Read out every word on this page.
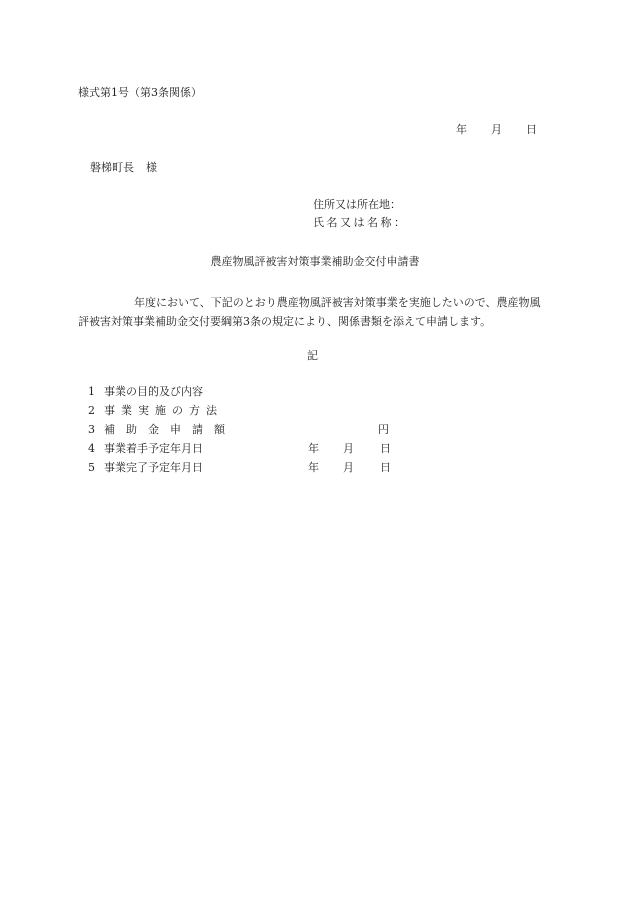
様式第1号（第3条関係）
年 月 日
磐梯町長 様
住所又は所在地：
氏名又は名称：
農産物風評被害対策事業補助金交付申請書
年度において、下記のとおり農産物風評被害対策事業を実施したいので、農産物風評被害対策事業補助金交付要綱第3条の規定により、関係書類を添えて申請します。
記
1 事業の目的及び内容
2 事業実施の方法
3 補助金申請額	円
4 事業着手予定年月日	年 月 日
5 事業完了予定年月日	年 月 日
